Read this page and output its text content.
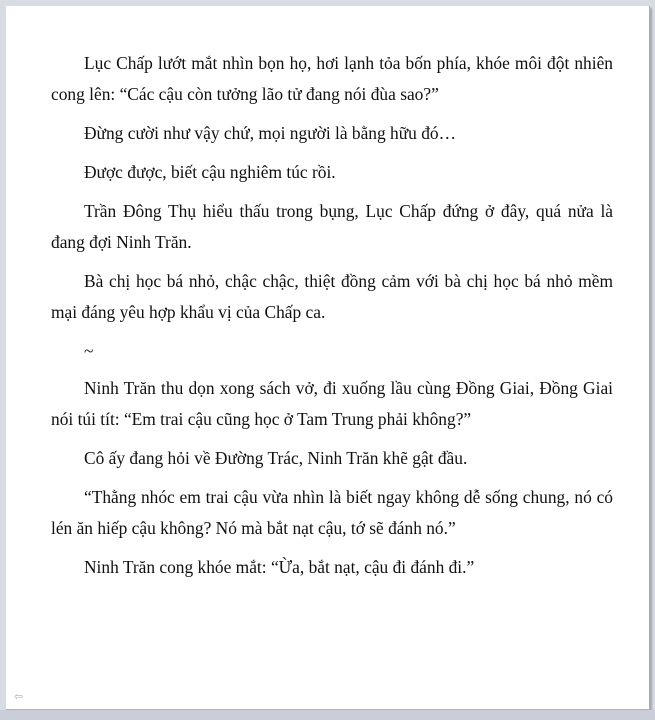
Lục Chấp lướt mắt nhìn bọn họ, hơi lạnh tỏa bốn phía, khóe môi đột nhiên cong lên: “Các cậu còn tưởng lão tử đang nói đùa sao?”

Đừng cười như vậy chứ, mọi người là bằng hữu đó…

Được được, biết cậu nghiêm túc rồi.

Trần Đông Thụ hiểu thấu trong bụng, Lục Chấp đứng ở đây, quá nửa là đang đợi Ninh Trăn.

Bà chị học bá nhỏ, chậc chậc, thiệt đồng cảm với bà chị học bá nhỏ mềm mại đáng yêu hợp khẩu vị của Chấp ca.

~

Ninh Trăn thu dọn xong sách vở, đi xuống lầu cùng Đồng Giai, Đồng Giai nói túi tít: “Em trai cậu cũng học ở Tam Trung phải không?”

Cô ấy đang hỏi về Đường Trác, Ninh Trăn khẽ gật đầu.

“Thằng nhóc em trai cậu vừa nhìn là biết ngay không dễ sống chung, nó có lén ăn hiếp cậu không? Nó mà bắt nạt cậu, tớ sẽ đánh nó.”

Ninh Trăn cong khóe mắt: “Ừa, bắt nạt, cậu đi đánh đi.”

⇦
